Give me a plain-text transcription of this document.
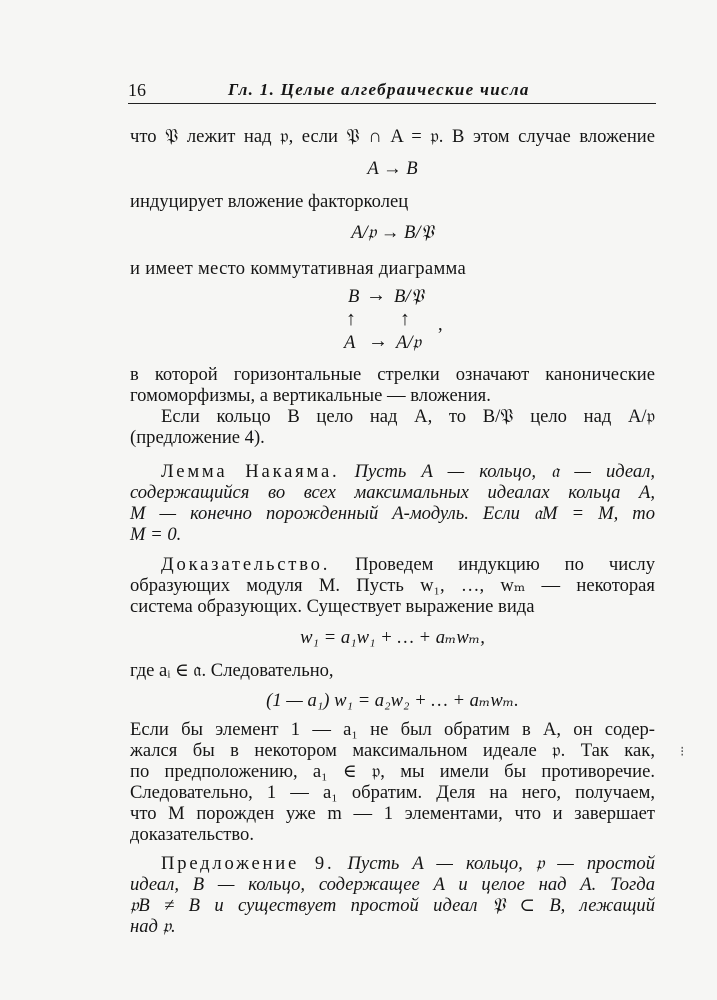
16	Гл. 1. Целые алгебраические числа
что 𝔓 лежит над 𝔭, если 𝔓 ∩ A = 𝔭. В этом случае вложение
A → B
индуцирует вложение факторколец
A/𝔭 → B/𝔓
и имеет место коммутативная диаграмма
B → B/𝔓
↑ ↑ ,
A → A/𝔭
в которой горизонтальные стрелки означают канонические
гомоморфизмы, а вертикальные — вложения.
Если кольцо B цело над A, то B/𝔓 цело над A/𝔭
(предложение 4).
Лемма Накаяма. Пусть A — кольцо, 𝔞 — идеал,
содержащийся во всех максимальных идеалах кольца A,
M — конечно порожденный A-модуль. Если 𝔞M = M, то
M = 0.
Доказательство. Проведем индукцию по числу
образующих модуля M. Пусть w₁, …, wₘ — некоторая
система образующих. Существует выражение вида
w₁ = a₁w₁ + … + aₘwₘ,
где aᵢ ∈ 𝔞. Следовательно,
(1 — a₁) w₁ = a₂w₂ + … + aₘwₘ.
Если бы элемент 1 — a₁ не был обратим в A, он содер-
жался бы в некотором максимальном идеале 𝔭. Так как,
по предположению, a₁ ∈ 𝔭, мы имели бы противоречие.
Следовательно, 1 — a₁ обратим. Деля на него, получаем,
что M порожден уже m — 1 элементами, что и завершает
доказательство.
Предложение 9. Пусть A — кольцо, 𝔭 — простой
идеал, B — кольцо, содержащее A и целое над A. Тогда
𝔭B ≠ B и существует простой идеал 𝔓 ⊂ B, лежащий
над 𝔭.
⁝
